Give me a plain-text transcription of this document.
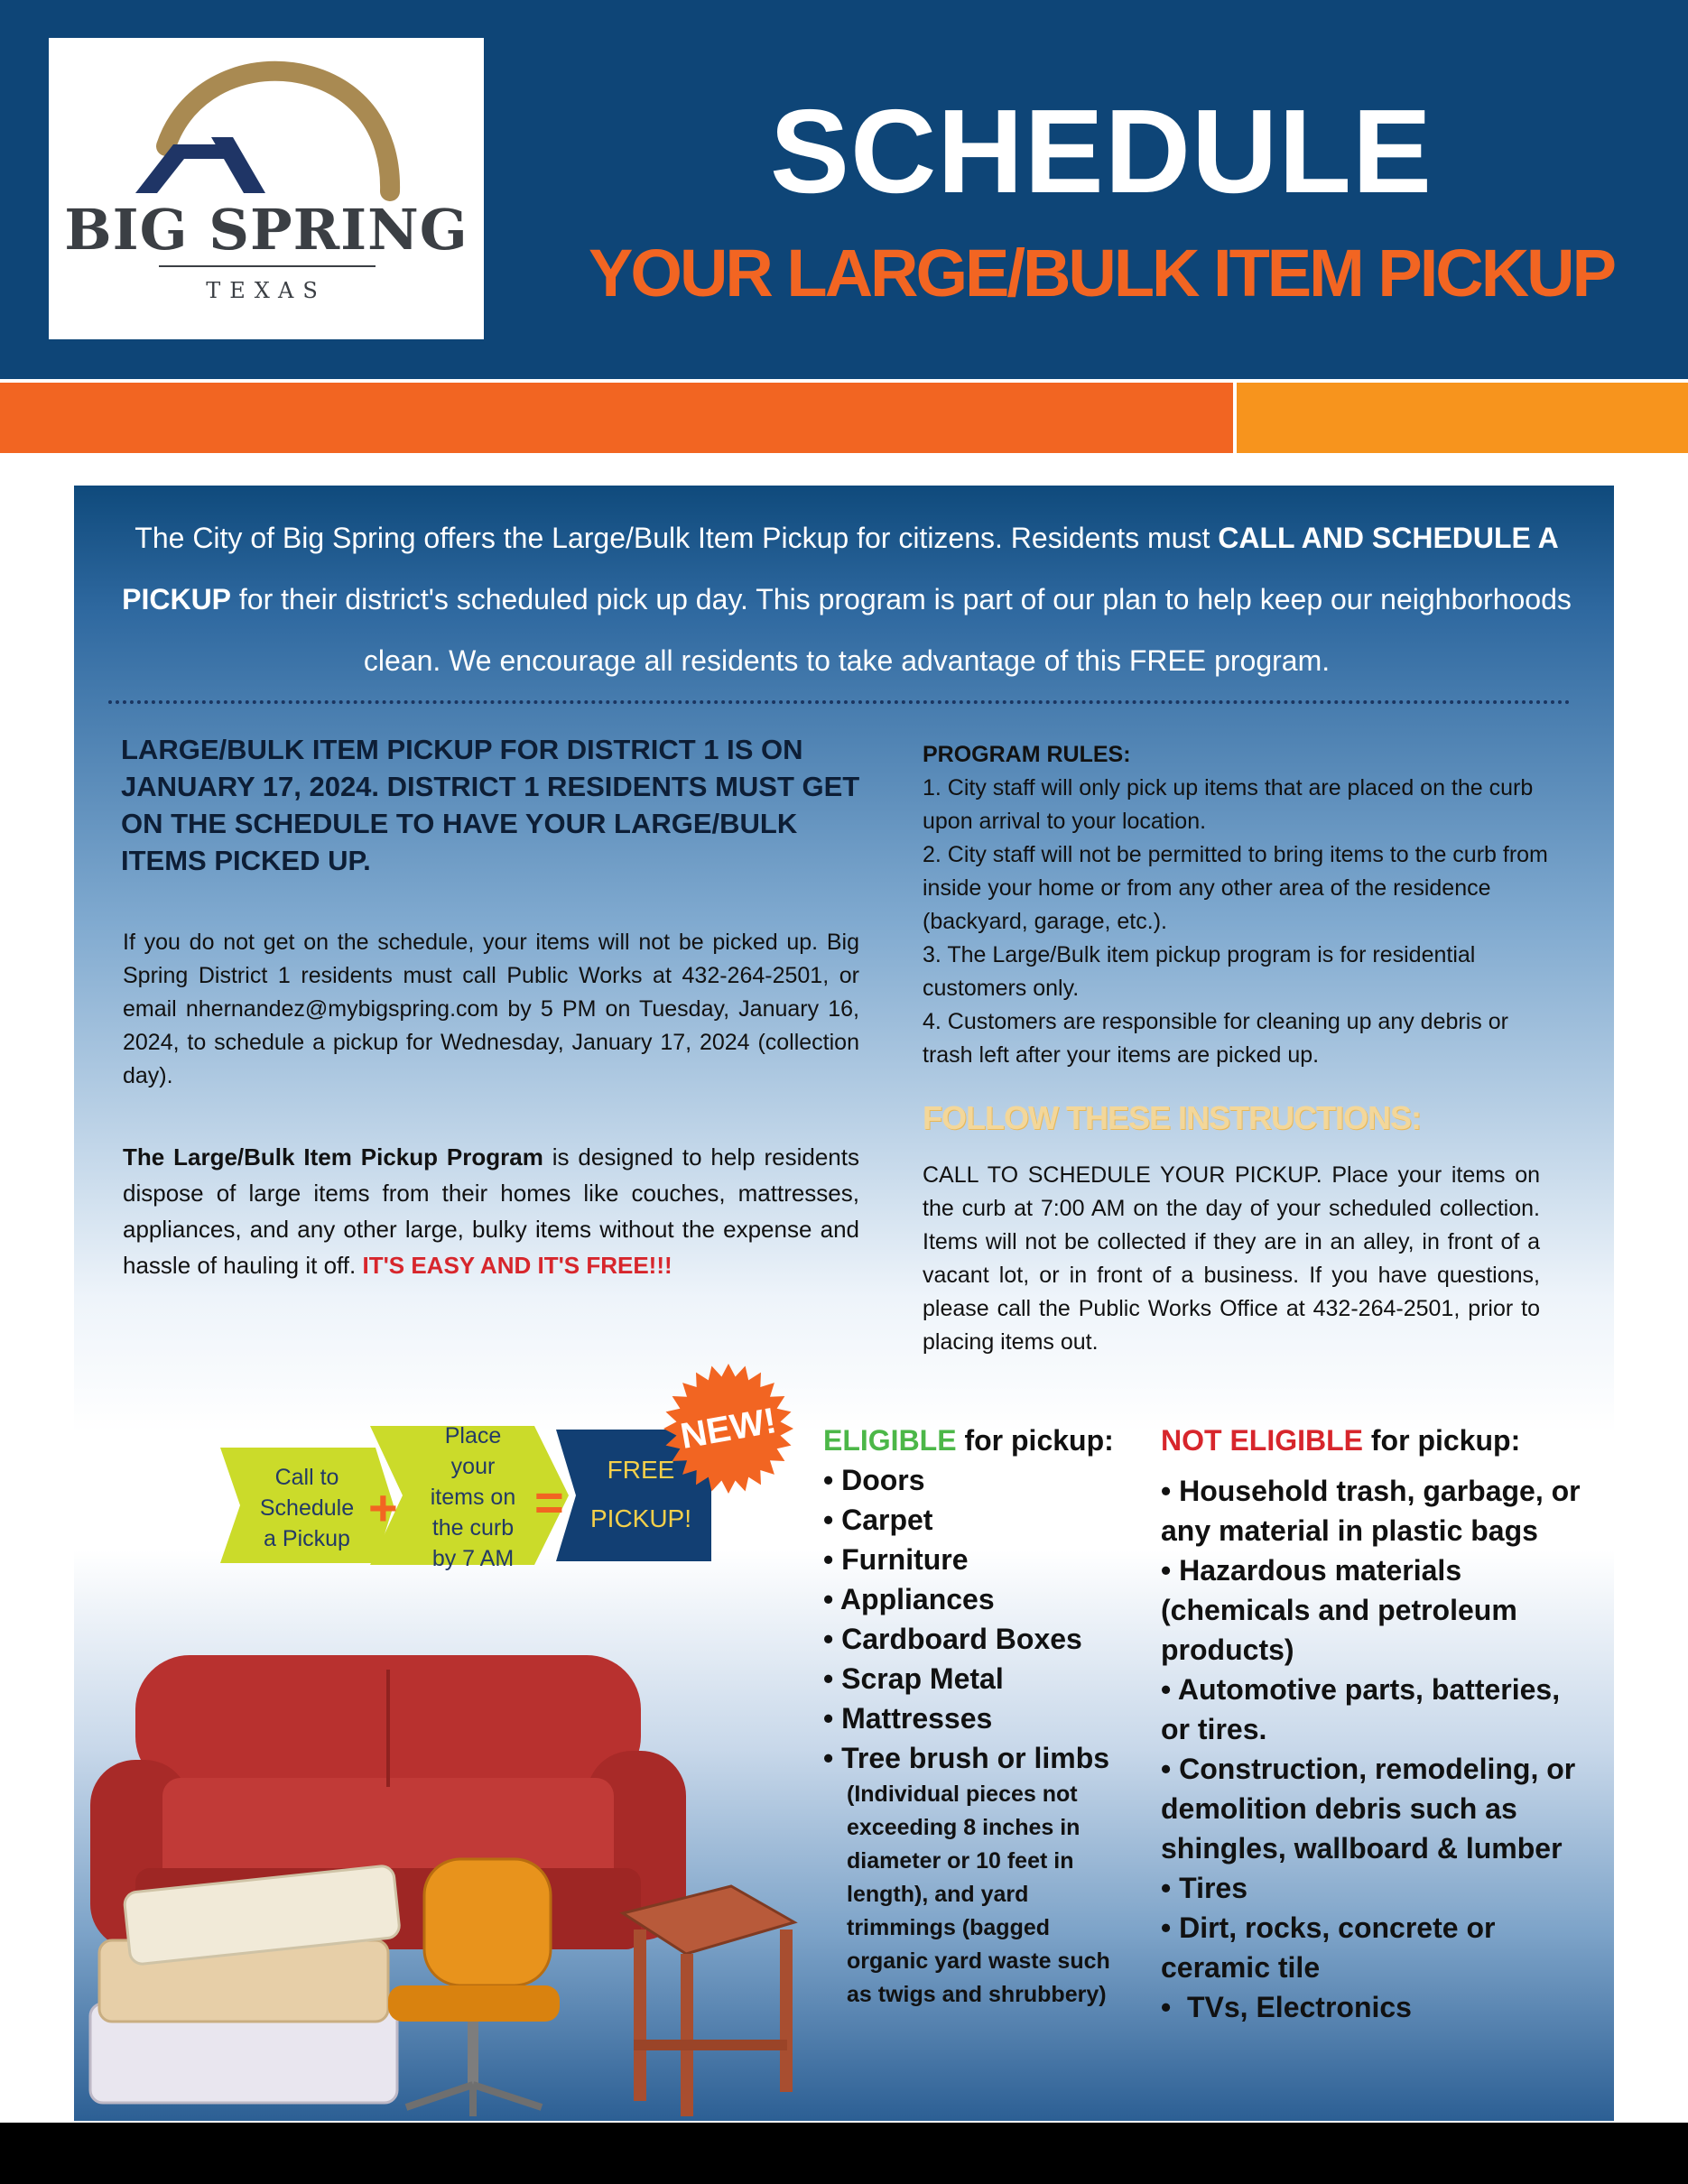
BIG SPRING
TEXAS
SCHEDULE
YOUR LARGE/BULK ITEM PICKUP
The City of Big Spring offers the Large/Bulk Item Pickup for citizens. Residents must CALL AND SCHEDULE A PICKUP for their district's scheduled pick up day. This program is part of our plan to help keep our neighborhoods clean. We encourage all residents to take advantage of this FREE program.
LARGE/BULK ITEM PICKUP FOR DISTRICT 1 IS ON JANUARY 17, 2024. DISTRICT 1 RESIDENTS MUST GET ON THE SCHEDULE TO HAVE YOUR LARGE/BULK ITEMS PICKED UP.
If you do not get on the schedule, your items will not be picked up. Big Spring District 1 residents must call Public Works at 432-264-2501, or email nhernandez@mybigspring.com by 5 PM on Tuesday, January 16, 2024, to schedule a pickup for Wednesday, January 17, 2024 (collection day).
The Large/Bulk Item Pickup Program is designed to help residents dispose of large items from their homes like couches, mattresses, appliances, and any other large, bulky items without the expense and hassle of hauling it off. IT'S EASY AND IT'S FREE!!!
PROGRAM RULES:
1. City staff will only pick up items that are placed on the curb upon arrival to your location.
2. City staff will not be permitted to bring items to the curb from inside your home or from any other area of the residence (backyard, garage, etc.).
3. The Large/Bulk item pickup program is for residential customers only.
4. Customers are responsible for cleaning up any debris or trash left after your items are picked up.
FOLLOW THESE INSTRUCTIONS:
CALL TO SCHEDULE YOUR PICKUP. Place your items on the curb at 7:00 AM on the day of your scheduled collection. Items will not be collected if they are in an alley, in front of a vacant lot, or in front of a business. If you have questions, please call the Public Works Office at 432-264-2501, prior to placing items out.
Call to
Schedule
a Pickup
+
Place
your
items on
the curb
by 7 AM
=
FREE
PICKUP!
NEW! ELIGIBLE for pickup:
• Doors
• Carpet
• Furniture
• Appliances
• Cardboard Boxes
• Scrap Metal
• Mattresses
• Tree brush or limbs
(Individual pieces not exceeding 8 inches in diameter or 10 feet in length), and yard trimmings (bagged organic yard waste such as twigs and shrubbery)
NOT ELIGIBLE for pickup:
• Household trash, garbage, or any material in plastic bags
• Hazardous materials (chemicals and petroleum products)
• Automotive parts, batteries, or tires.
• Construction, remodeling, or demolition debris such as shingles, wallboard & lumber
• Tires
• Dirt, rocks, concrete or ceramic tile
•  TVs, Electronics
